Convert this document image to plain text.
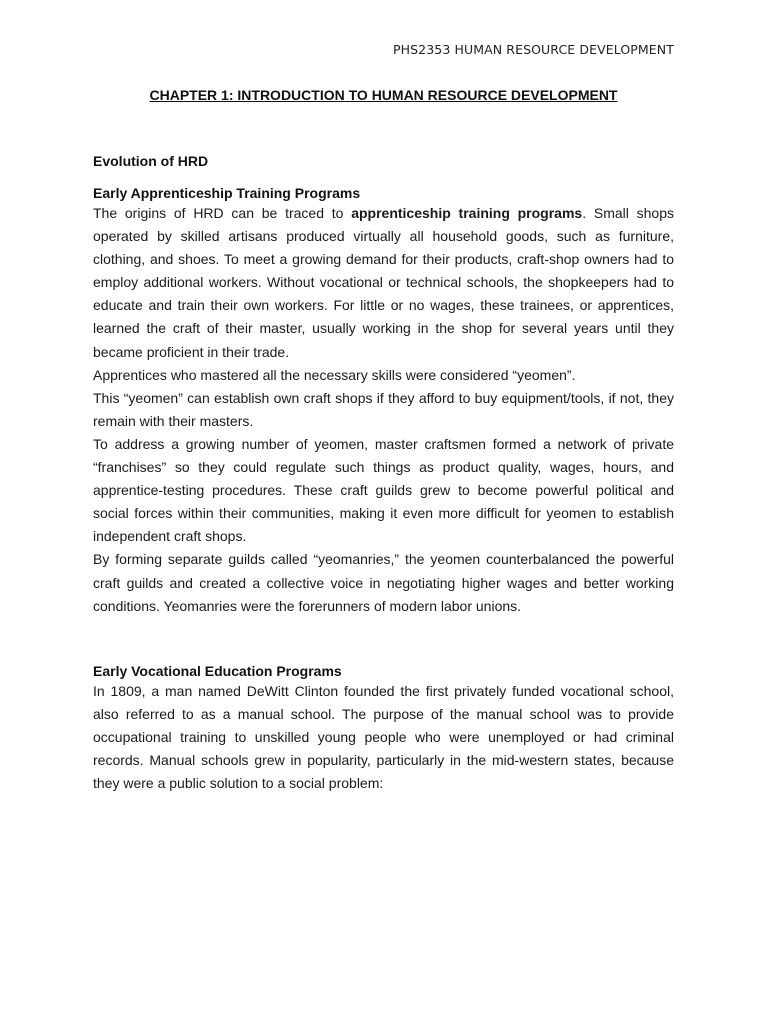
PHS2353 HUMAN RESOURCE DEVELOPMENT
CHAPTER 1: INTRODUCTION TO HUMAN RESOURCE DEVELOPMENT
Evolution of HRD
Early Apprenticeship Training Programs

The origins of HRD can be traced to apprenticeship training programs. Small shops operated by skilled artisans produced virtually all household goods, such as furniture, clothing, and shoes. To meet a growing demand for their products, craft-shop owners had to employ additional workers. Without vocational or technical schools, the shopkeepers had to educate and train their own workers. For little or no wages, these trainees, or apprentices, learned the craft of their master, usually working in the shop for several years until they became proficient in their trade.

Apprentices who mastered all the necessary skills were considered “yeomen”.

This “yeomen” can establish own craft shops if they afford to buy equipment/tools, if not, they remain with their masters.

To address a growing number of yeomen, master craftsmen formed a network of private “franchises” so they could regulate such things as product quality, wages, hours, and apprentice-testing procedures. These craft guilds grew to become powerful political and social forces within their communities, making it even more difficult for yeomen to establish independent craft shops.

By forming separate guilds called “yeomanries,” the yeomen counterbalanced the powerful craft guilds and created a collective voice in negotiating higher wages and better working conditions. Yeomanries were the forerunners of modern labor unions.

Early Vocational Education Programs

In 1809, a man named DeWitt Clinton founded the first privately funded vocational school, also referred to as a manual school. The purpose of the manual school was to provide occupational training to unskilled young people who were unemployed or had criminal records. Manual schools grew in popularity, particularly in the mid-western states, because they were a public solution to a social problem:
